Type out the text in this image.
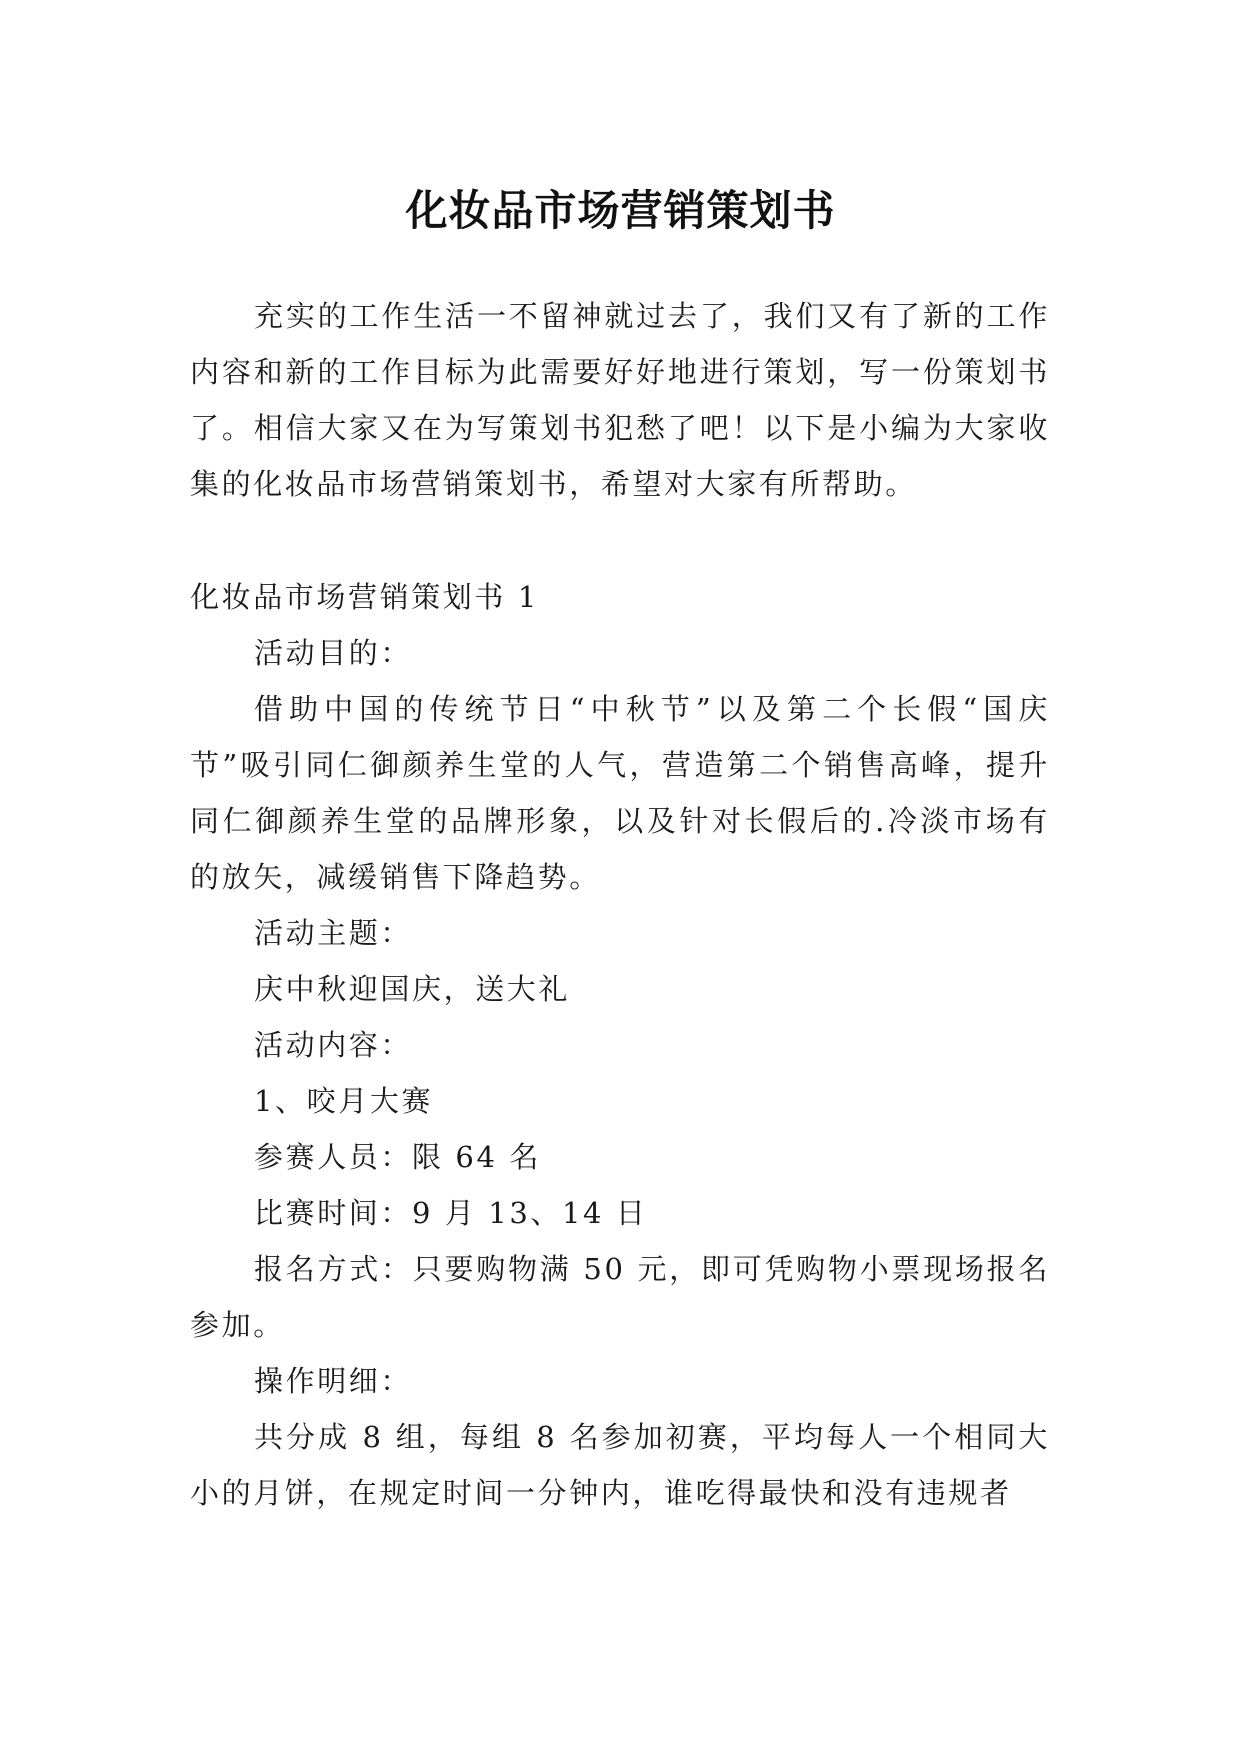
化妆品市场营销策划书

充实的工作生活一不留神就过去了，我们又有了新的工作内容和新的工作目标为此需要好好地进行策划，写一份策划书了。相信大家又在为写策划书犯愁了吧！以下是小编为大家收集的化妆品市场营销策划书，希望对大家有所帮助。

化妆品市场营销策划书 1

活动目的：

借助中国的传统节日“中秋节”以及第二个长假“国庆节”吸引同仁御颜养生堂的人气，营造第二个销售高峰，提升同仁御颜养生堂的品牌形象，以及针对长假后的.冷淡市场有的放矢，减缓销售下降趋势。

活动主题：

庆中秋迎国庆，送大礼

活动内容：

1、咬月大赛

参赛人员：限 64 名

比赛时间：9 月 13、14 日

报名方式：只要购物满 50 元，即可凭购物小票现场报名参加。

操作明细：

共分成 8 组，每组 8 名参加初赛，平均每人一个相同大小的月饼，在规定时间一分钟内，谁吃得最快和没有违规者
